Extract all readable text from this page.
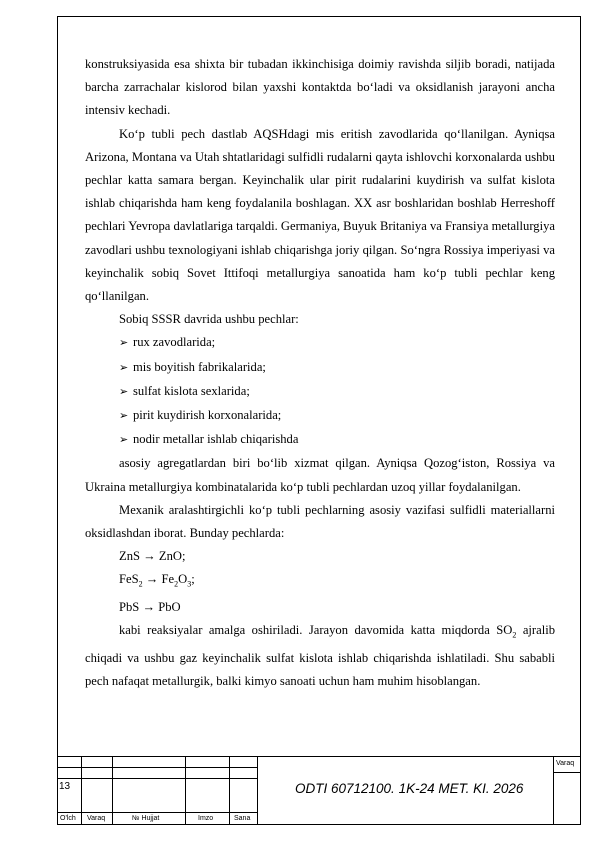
konstruksiyasida esa shixta bir tubadan ikkinchisiga doimiy ravishda siljib boradi, natijada barcha zarrachalar kislorod bilan yaxshi kontaktda bo‘ladi va oksidlanish jarayoni ancha intensiv kechadi.

Ko‘p tubli pech dastlab AQSHdagi mis eritish zavodlarida qo‘llanilgan. Ayniqsa Arizona, Montana va Utah shtatlaridagi sulfidli rudalarni qayta ishlovchi korxonalarda ushbu pechlar katta samara bergan. Keyinchalik ular pirit rudalarini kuydirish va sulfat kislota ishlab chiqarishda ham keng foydalanila boshlagan. XX asr boshlaridan boshlab Herreshoff pechlari Yevropa davlatlariga tarqaldi. Germaniya, Buyuk Britaniya va Fransiya metallurgiya zavodlari ushbu texnologiyani ishlab chiqarishga joriy qilgan. So‘ngra Rossiya imperiyasi va keyinchalik sobiq Sovet Ittifoqi metallurgiya sanoatida ham ko‘p tubli pechlar keng qo‘llanilgan.

Sobiq SSSR davrida ushbu pechlar:

➢ rux zavodlarida;
➢ mis boyitish fabrikalarida;
➢ sulfat kislota sexlarida;
➢ pirit kuydirish korxonalarida;
➢ nodir metallar ishlab chiqarishda

asosiy agregatlardan biri bo‘lib xizmat qilgan. Ayniqsa Qozog‘iston, Rossiya va Ukraina metallurgiya kombinatalarida ko‘p tubli pechlardan uzoq yillar foydalanilgan.

Mexanik aralashtirgichli ko‘p tubli pechlarning asosiy vazifasi sulfidli materiallarni oksidlashdan iborat. Bunday pechlarda:

ZnS → ZnO;

$FeS_2 \to Fe_2O_3$;

PbS → PbO

kabi reaksiyalar amalga oshiriladi. Jarayon davomida katta miqdorda $SO_2$ ajralib chiqadi va ushbu gaz keyinchalik sulfat kislota ishlab chiqarishda ishlatiladi. Shu sababli pech nafaqat metallurgik, balki kimyo sanoati uchun ham muhim hisoblangan.

13	ODTI 60712100. 1K-24 MET. KI. 2026
Varaq
O'lch Varaq	№ Hujjat	Imzo	Sana
